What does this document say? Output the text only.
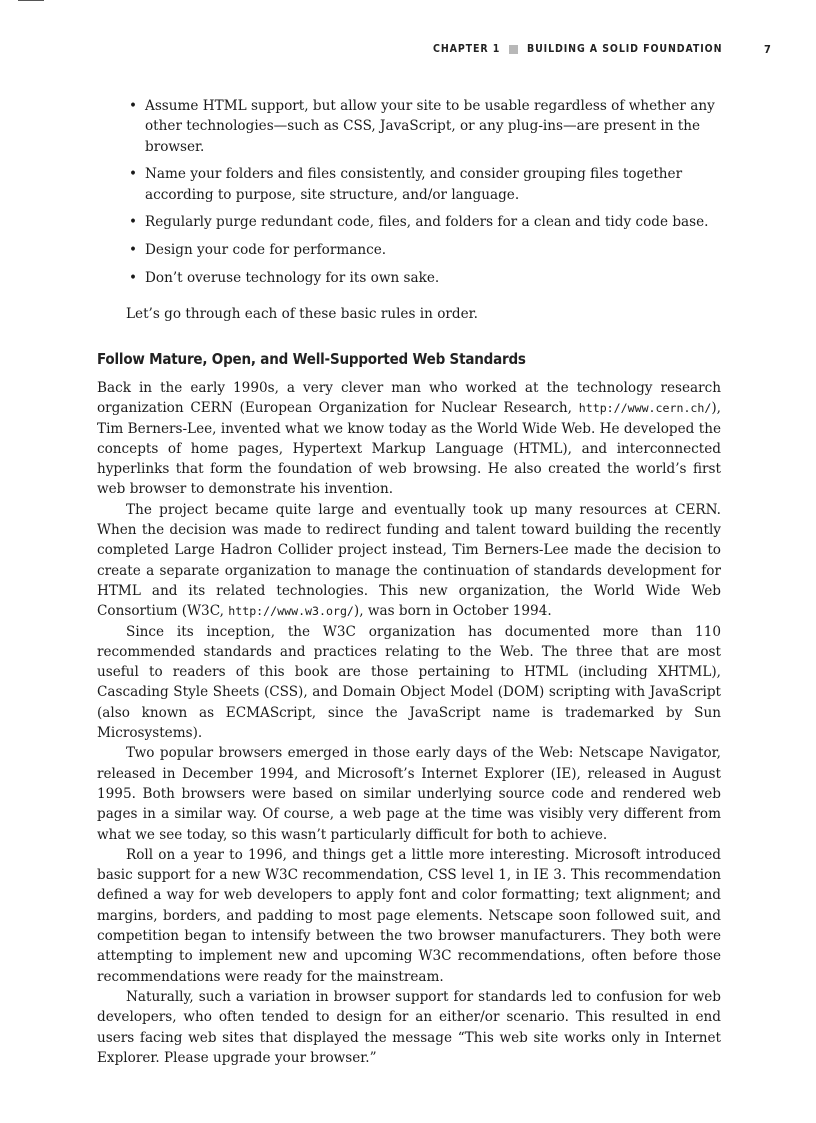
CHAPTER 1	BUILDING A SOLID FOUNDATION	7
• Assume HTML support, but allow your site to be usable regardless of whether any other technologies—such as CSS, JavaScript, or any plug-ins—are present in the browser.
• Name your folders and files consistently, and consider grouping files together according to purpose, site structure, and/or language.
• Regularly purge redundant code, files, and folders for a clean and tidy code base.
• Design your code for performance.
• Don’t overuse technology for its own sake.

Let’s go through each of these basic rules in order.

Follow Mature, Open, and Well-Supported Web Standards

Back in the early 1990s, a very clever man who worked at the technology research organization CERN (European Organization for Nuclear Research, http://www.cern.ch/), Tim Berners-Lee, invented what we know today as the World Wide Web. He developed the concepts of home pages, Hypertext Markup Language (HTML), and interconnected hyperlinks that form the foundation of web browsing. He also created the world’s first web browser to demonstrate his invention.

The project became quite large and eventually took up many resources at CERN. When the decision was made to redirect funding and talent toward building the recently completed Large Hadron Collider project instead, Tim Berners-Lee made the decision to create a separate organization to manage the continuation of standards development for HTML and its related technologies. This new organization, the World Wide Web Consortium (W3C, http://www.w3.org/), was born in October 1994.

Since its inception, the W3C organization has documented more than 110 recommended standards and practices relating to the Web. The three that are most useful to readers of this book are those pertaining to HTML (including XHTML), Cascading Style Sheets (CSS), and Domain Object Model (DOM) scripting with JavaScript (also known as ECMAScript, since the JavaScript name is trademarked by Sun Microsystems).

Two popular browsers emerged in those early days of the Web: Netscape Navigator, released in December 1994, and Microsoft’s Internet Explorer (IE), released in August 1995. Both browsers were based on similar underlying source code and rendered web pages in a similar way. Of course, a web page at the time was visibly very different from what we see today, so this wasn’t particularly difficult for both to achieve.

Roll on a year to 1996, and things get a little more interesting. Microsoft introduced basic support for a new W3C recommendation, CSS level 1, in IE 3. This recommendation defined a way for web developers to apply font and color formatting; text alignment; and margins, borders, and padding to most page elements. Netscape soon followed suit, and competition began to intensify between the two browser manufacturers. They both were attempting to implement new and upcoming W3C recommendations, often before those recommendations were ready for the mainstream.

Naturally, such a variation in browser support for standards led to confusion for web developers, who often tended to design for an either/or scenario. This resulted in end users facing web sites that displayed the message “This web site works only in Internet Explorer. Please upgrade your browser.”
